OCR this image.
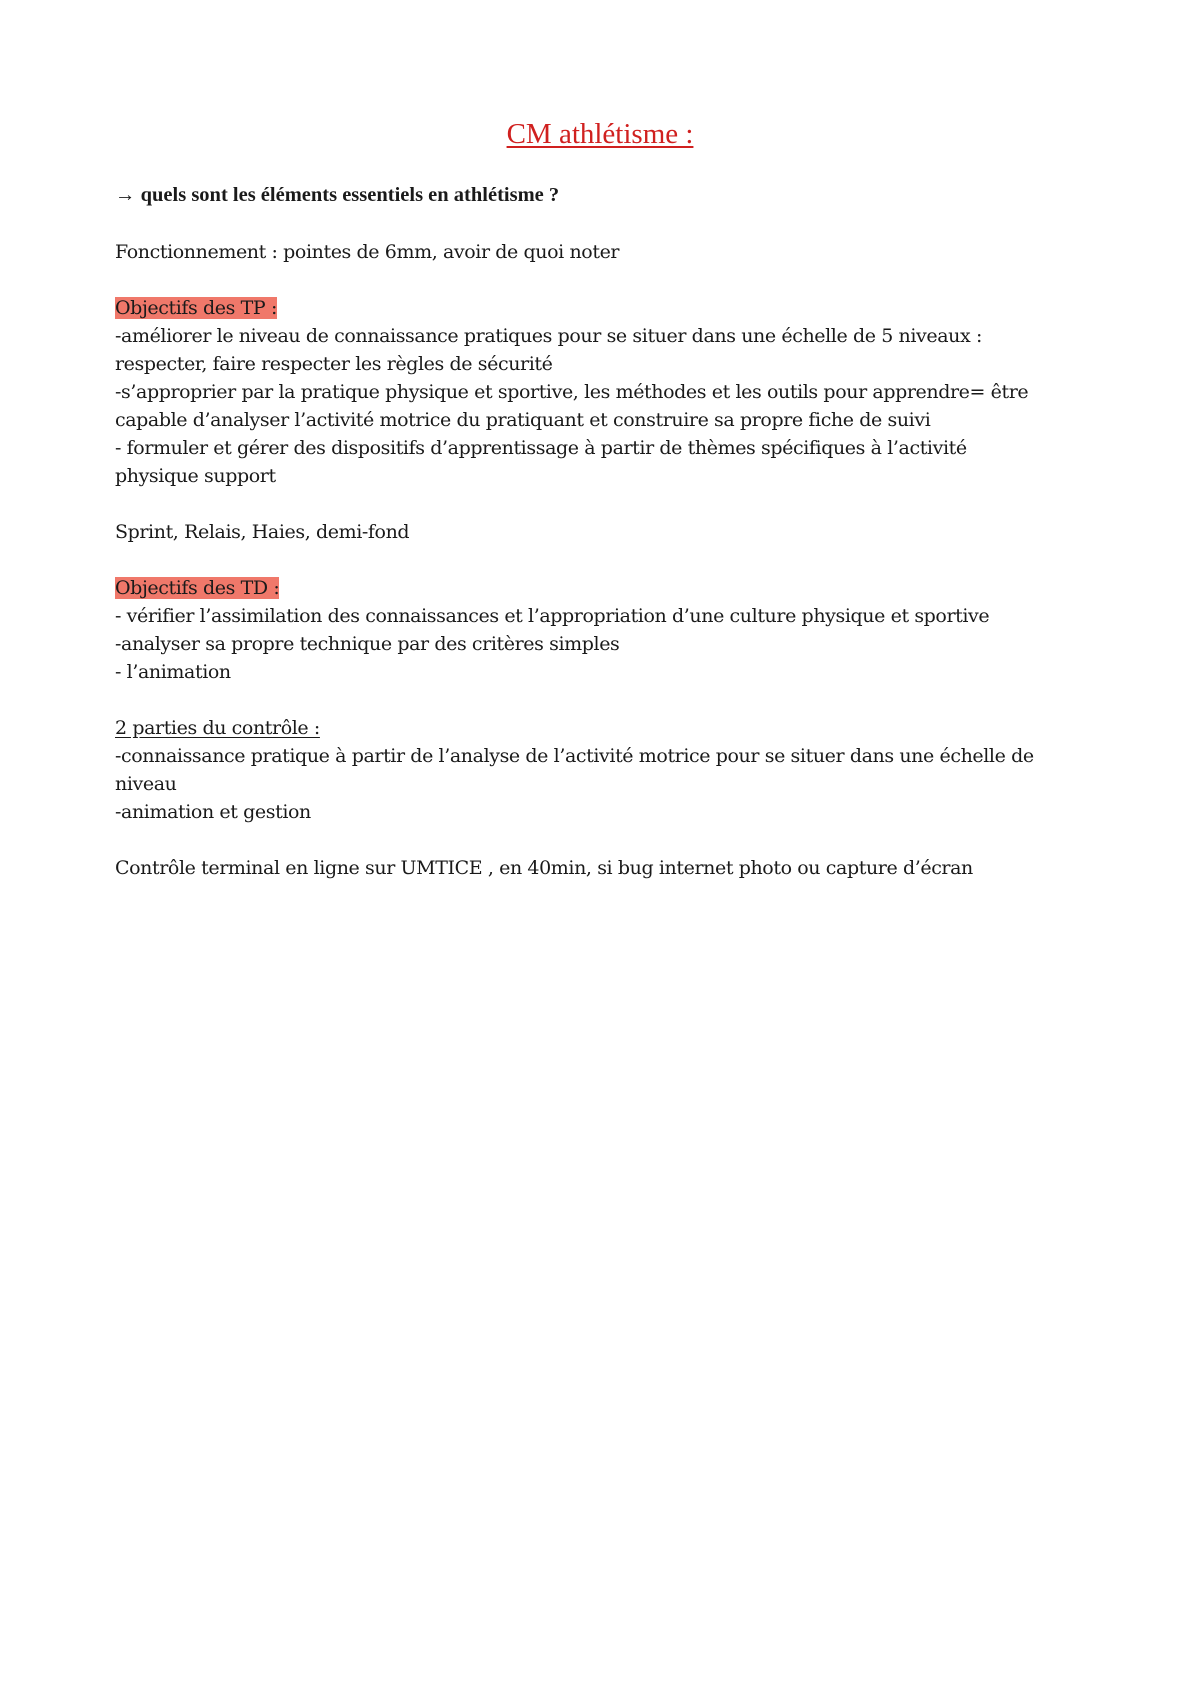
CM athlétisme :
→ quels sont les éléments essentiels en athlétisme ?

Fonctionnement : pointes de 6mm, avoir de quoi noter

Objectifs des TP :

-améliorer le niveau de connaissance pratiques pour se situer dans une échelle de 5 niveaux :

respecter, faire respecter les règles de sécurité

-s’approprier par la pratique physique et sportive, les méthodes et les outils pour apprendre= être

capable d’analyser l’activité motrice du pratiquant et construire sa propre fiche de suivi

- formuler et gérer des dispositifs d’apprentissage à partir de thèmes spécifiques à l’activité

physique support

Sprint, Relais, Haies, demi-fond

Objectifs des TD :

- vérifier l’assimilation des connaissances et l’appropriation d’une culture physique et sportive

-analyser sa propre technique par des critères simples

- l’animation

2 parties du contrôle :

-connaissance pratique à partir de l’analyse de l’activité motrice pour se situer dans une échelle de

niveau

-animation et gestion

Contrôle terminal en ligne sur UMTICE , en 40min, si bug internet photo ou capture d’écran
